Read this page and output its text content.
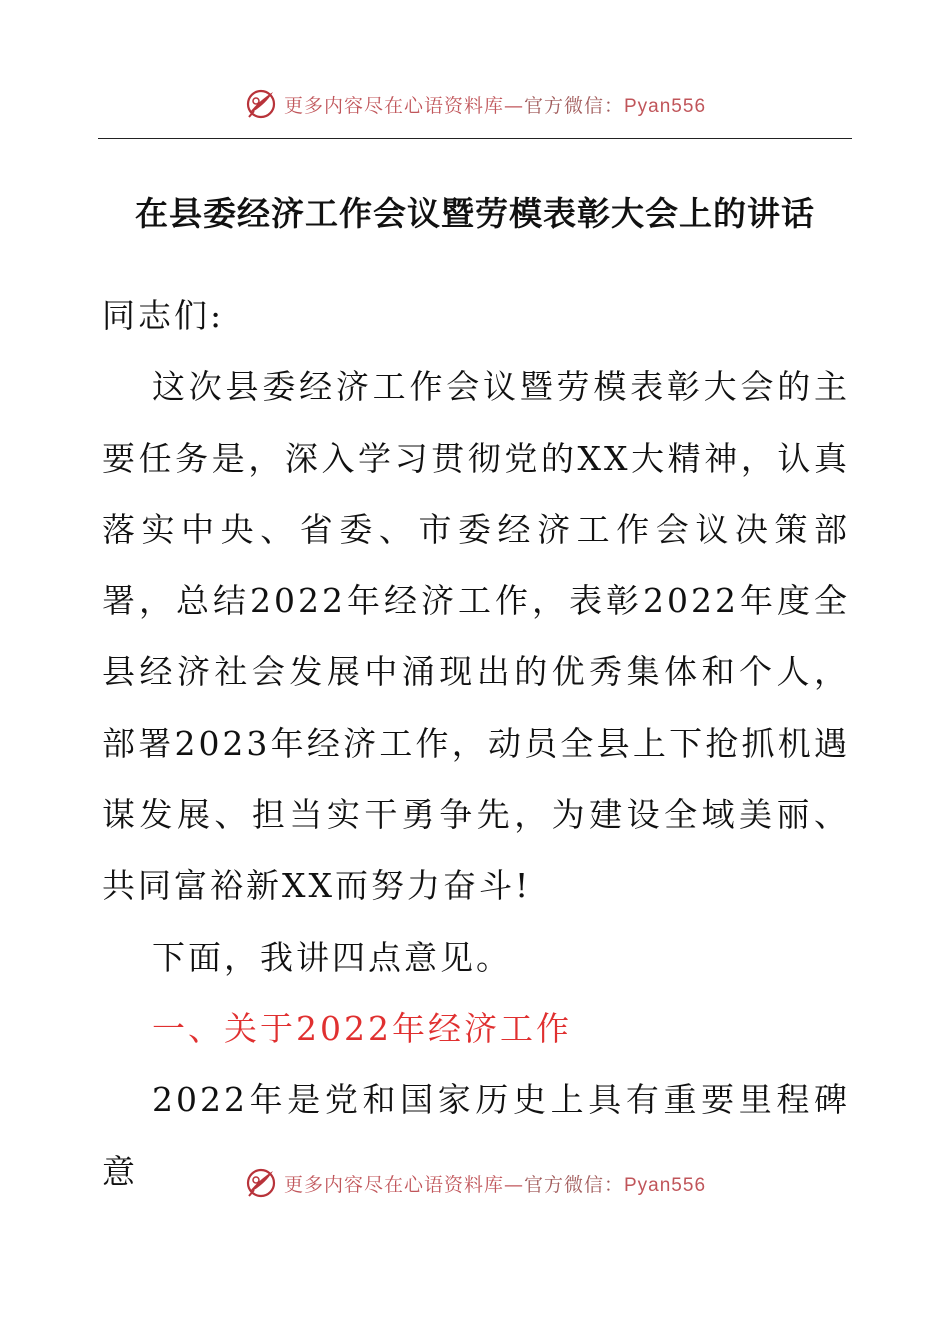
更多内容尽在心语资料库—官方微信：Pyan556
在县委经济工作会议暨劳模表彰大会上的讲话

同志们:

这次县委经济工作会议暨劳模表彰大会的主要任务是，深入学习贯彻党的XX大精神，认真落实中央、省委、市委经济工作会议决策部署，总结2022年经济工作，表彰2022年度全县经济社会发展中涌现出的优秀集体和个人，部署2023年经济工作，动员全县上下抢抓机遇谋发展、担当实干勇争先，为建设全域美丽、共同富裕新XX而努力奋斗!

下面，我讲四点意见。

一、关于2022年经济工作

2022年是党和国家历史上具有重要里程碑意	更多内容尽在心语资料库—官方微信：Pyan556
